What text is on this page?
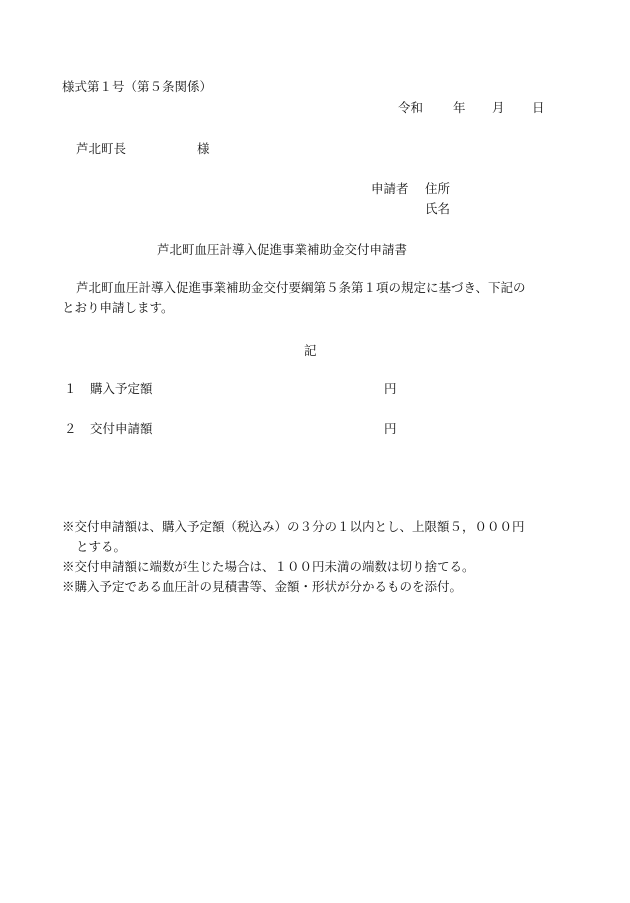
様式第１号（第５条関係）
令和 年 月 日
芦北町長	様
申請者 住所
氏名
芦北町血圧計導入促進事業補助金交付申請書
芦北町血圧計導入促進事業補助金交付要綱第５条第１項の規定に基づき、下記の
とおり申請します。
記
１ 購入予定額	円
２ 交付申請額	円
※交付申請額は、購入予定額（税込み）の３分の１以内とし、上限額５，０００円
とする。
※交付申請額に端数が生じた場合は、１００円未満の端数は切り捨てる。
※購入予定である血圧計の見積書等、金額・形状が分かるものを添付。
